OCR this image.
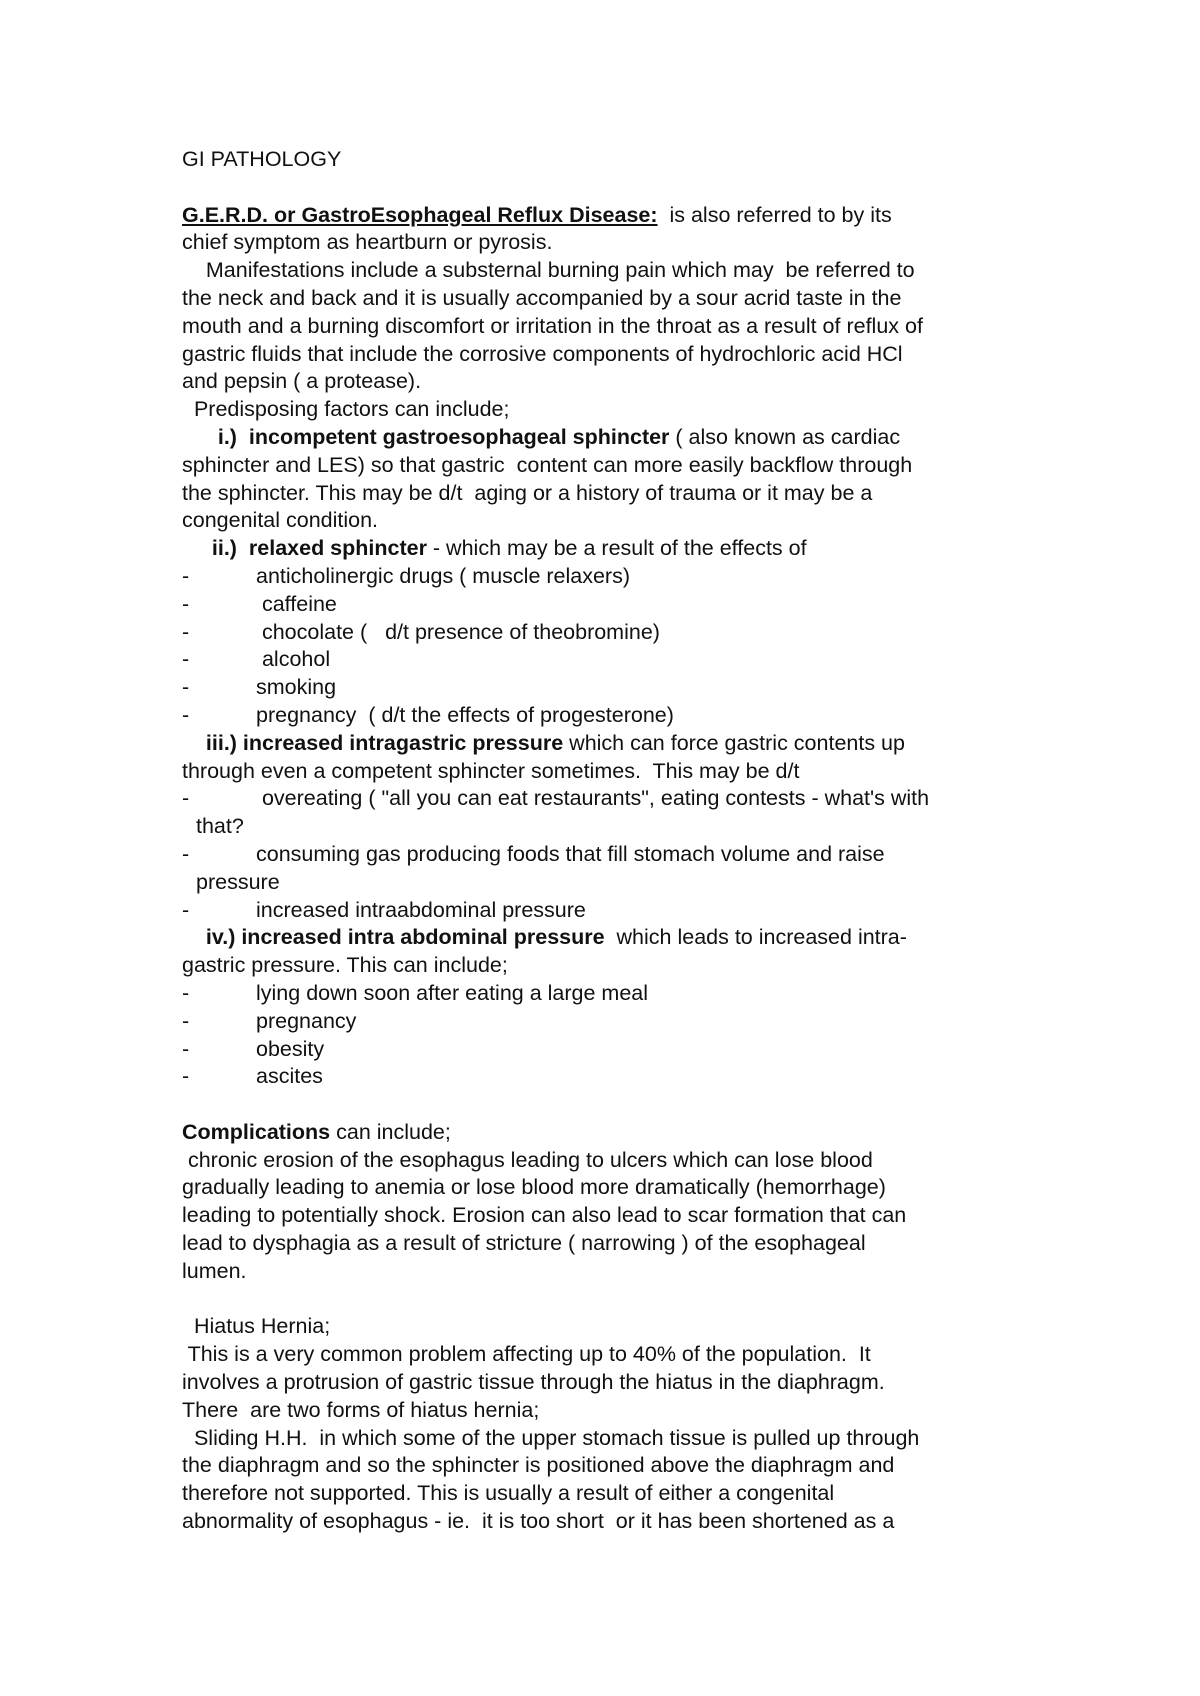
GI PATHOLOGY
G.E.R.D. or GastroEsophageal Reflux Disease:  is also referred to by its
chief symptom as heartburn or pyrosis.
Manifestations include a substernal burning pain which may  be referred to
the neck and back and it is usually accompanied by a sour acrid taste in the
mouth and a burning discomfort or irritation in the throat as a result of reflux of
gastric fluids that include the corrosive components of hydrochloric acid HCl
and pepsin ( a protease).
Predisposing factors can include;
i.)  incompetent gastroesophageal sphincter ( also known as cardiac
sphincter and LES) so that gastric  content can more easily backflow through
the sphincter. This may be d/t  aging or a history of trauma or it may be a
congenital condition.
ii.)  relaxed sphincter - which may be a result of the effects of
-	anticholinergic drugs ( muscle relaxers)
-	caffeine
-	chocolate (   d/t presence of theobromine)
-	alcohol
-	smoking
-	pregnancy  ( d/t the effects of progesterone)
iii.) increased intragastric pressure which can force gastric contents up
through even a competent sphincter sometimes.  This may be d/t
-	overeating ( "all you can eat restaurants", eating contests - what's with
that?
-	consuming gas producing foods that fill stomach volume and raise
pressure
-	increased intraabdominal pressure
iv.) increased intra abdominal pressure  which leads to increased intra-
gastric pressure. This can include;
-	lying down soon after eating a large meal
-	pregnancy
-	obesity
-	ascites
Complications can include;
chronic erosion of the esophagus leading to ulcers which can lose blood
gradually leading to anemia or lose blood more dramatically (hemorrhage)
leading to potentially shock. Erosion can also lead to scar formation that can
lead to dysphagia as a result of stricture ( narrowing ) of the esophageal
lumen.
Hiatus Hernia;
This is a very common problem affecting up to 40% of the population.  It
involves a protrusion of gastric tissue through the hiatus in the diaphragm.
There  are two forms of hiatus hernia;
Sliding H.H.  in which some of the upper stomach tissue is pulled up through
the diaphragm and so the sphincter is positioned above the diaphragm and
therefore not supported. This is usually a result of either a congenital
abnormality of esophagus - ie.  it is too short  or it has been shortened as a
